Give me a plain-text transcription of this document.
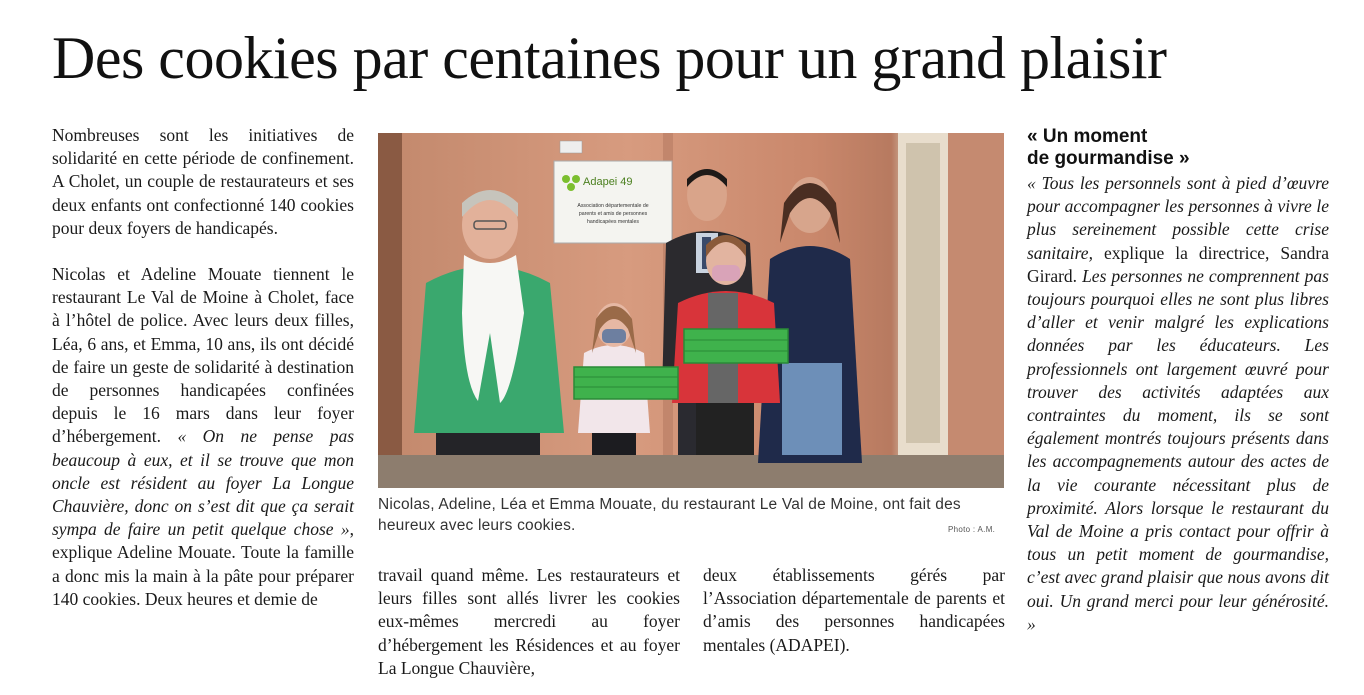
Des cookies par centaines pour un grand plaisir

Nombreuses sont les initiatives de solidarité en cette période de confinement. A Cholet, un couple de restaurateurs et ses deux enfants ont confectionné 140 cookies pour deux foyers de handicapés.

Nicolas et Adeline Mouate tiennent le restaurant Le Val de Moine à Cholet, face à l’hôtel de police. Avec leurs deux filles, Léa, 6 ans, et Emma, 10 ans, ils ont décidé de faire un geste de solidarité à destination de personnes handicapées confinées depuis le 16 mars dans leur foyer d’hébergement. « On ne pense pas beaucoup à eux, et il se trouve que mon oncle est résident au foyer La Longue Chauvière, donc on s’est dit que ça serait sympa de faire un petit quelque chose », explique Adeline Mouate. Toute la famille a donc mis la main à la pâte pour préparer 140 cookies. Deux heures et demie de

Adapei 49
Association départementale de
parents et amis de personnes
handicapées mentales
Nicolas, Adeline, Léa et Emma Mouate, du restaurant Le Val de Moine, ont fait des heureux avec leurs cookies.	Photo : A.M.

travail quand même. Les restaurateurs et leurs filles sont allés livrer les cookies eux-mêmes mercredi au foyer d’hébergement les Résidences et au foyer La Longue Chauvière,

deux établissements gérés par l’Association départementale de parents et d’amis des personnes handicapées mentales (ADAPEI).

« Un moment
de gourmandise »

« Tous les personnels sont à pied d’œuvre pour accompagner les personnes à vivre le plus sereinement possible cette crise sanitaire, explique la directrice, Sandra Girard. Les personnes ne comprennent pas toujours pourquoi elles ne sont plus libres d’aller et venir malgré les explications données par les éducateurs. Les professionnels ont largement œuvré pour trouver des activités adaptées aux contraintes du moment, ils se sont également montrés toujours présents dans les accompagnements autour des actes de la vie courante nécessitant plus de proximité. Alors lorsque le restaurant du Val de Moine a pris contact pour offrir à tous un petit moment de gourmandise, c’est avec grand plaisir que nous avons dit oui. Un grand merci pour leur générosité. »
